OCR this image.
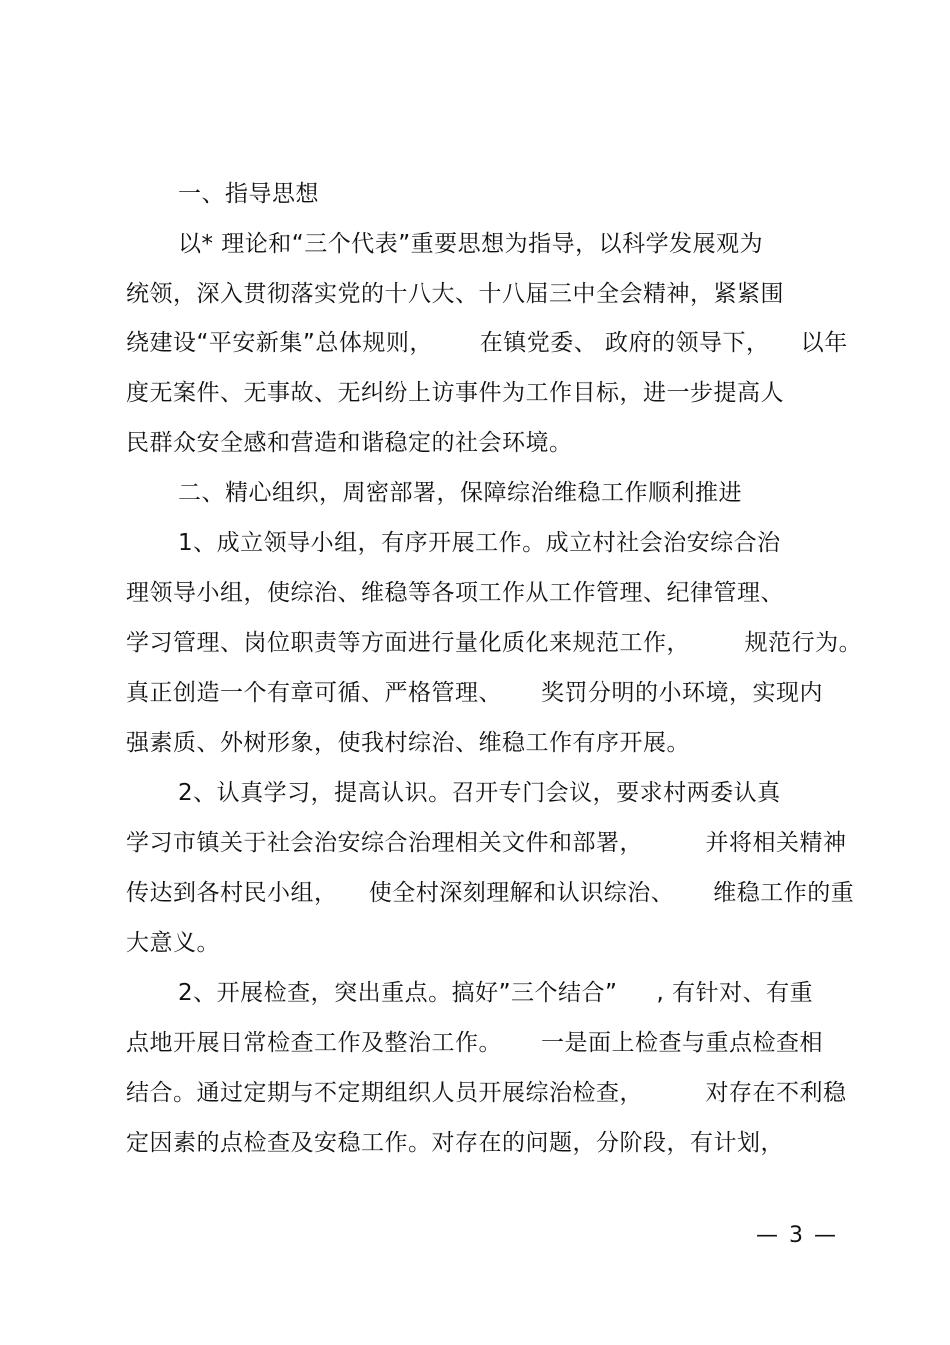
一、指导思想
以* 理论和“三个代表”重要思想为指导，以科学发展观为
统领，深入贯彻落实党的十八大、十八届三中全会精神，紧紧围
绕建设“平安新集”总体规则，      在镇党委、 政府的领导下，    以年
度无案件、无事故、无纠纷上访事件为工作目标，进一步提高人
民群众安全感和营造和谐稳定的社会环境。
二、精心组织，周密部署，保障综治维稳工作顺利推进
1、成立领导小组，有序开展工作。成立村社会治安综合治
理领导小组，使综治、维稳等各项工作从工作管理、纪律管理、
学习管理、岗位职责等方面进行量化质化来规范工作，       规范行为。
真正创造一个有章可循、严格管理、     奖罚分明的小环境，实现内
强素质、外树形象，使我村综治、维稳工作有序开展。
2、认真学习，提高认识。召开专门会议，要求村两委认真
学习市镇关于社会治安综合治理相关文件和部署，        并将相关精神
传达到各村民小组，    使全村深刻理解和认识综治、     维稳工作的重
大意义。
2、开展检查，突出重点。搞好”三个结合”     , 有针对、有重
点地开展日常检查工作及整治工作。     一是面上检查与重点检查相
结合。通过定期与不定期组织人员开展综治检查，        对存在不利稳
定因素的点检查及安稳工作。对存在的问题，分阶段，有计划，
— 3 —
